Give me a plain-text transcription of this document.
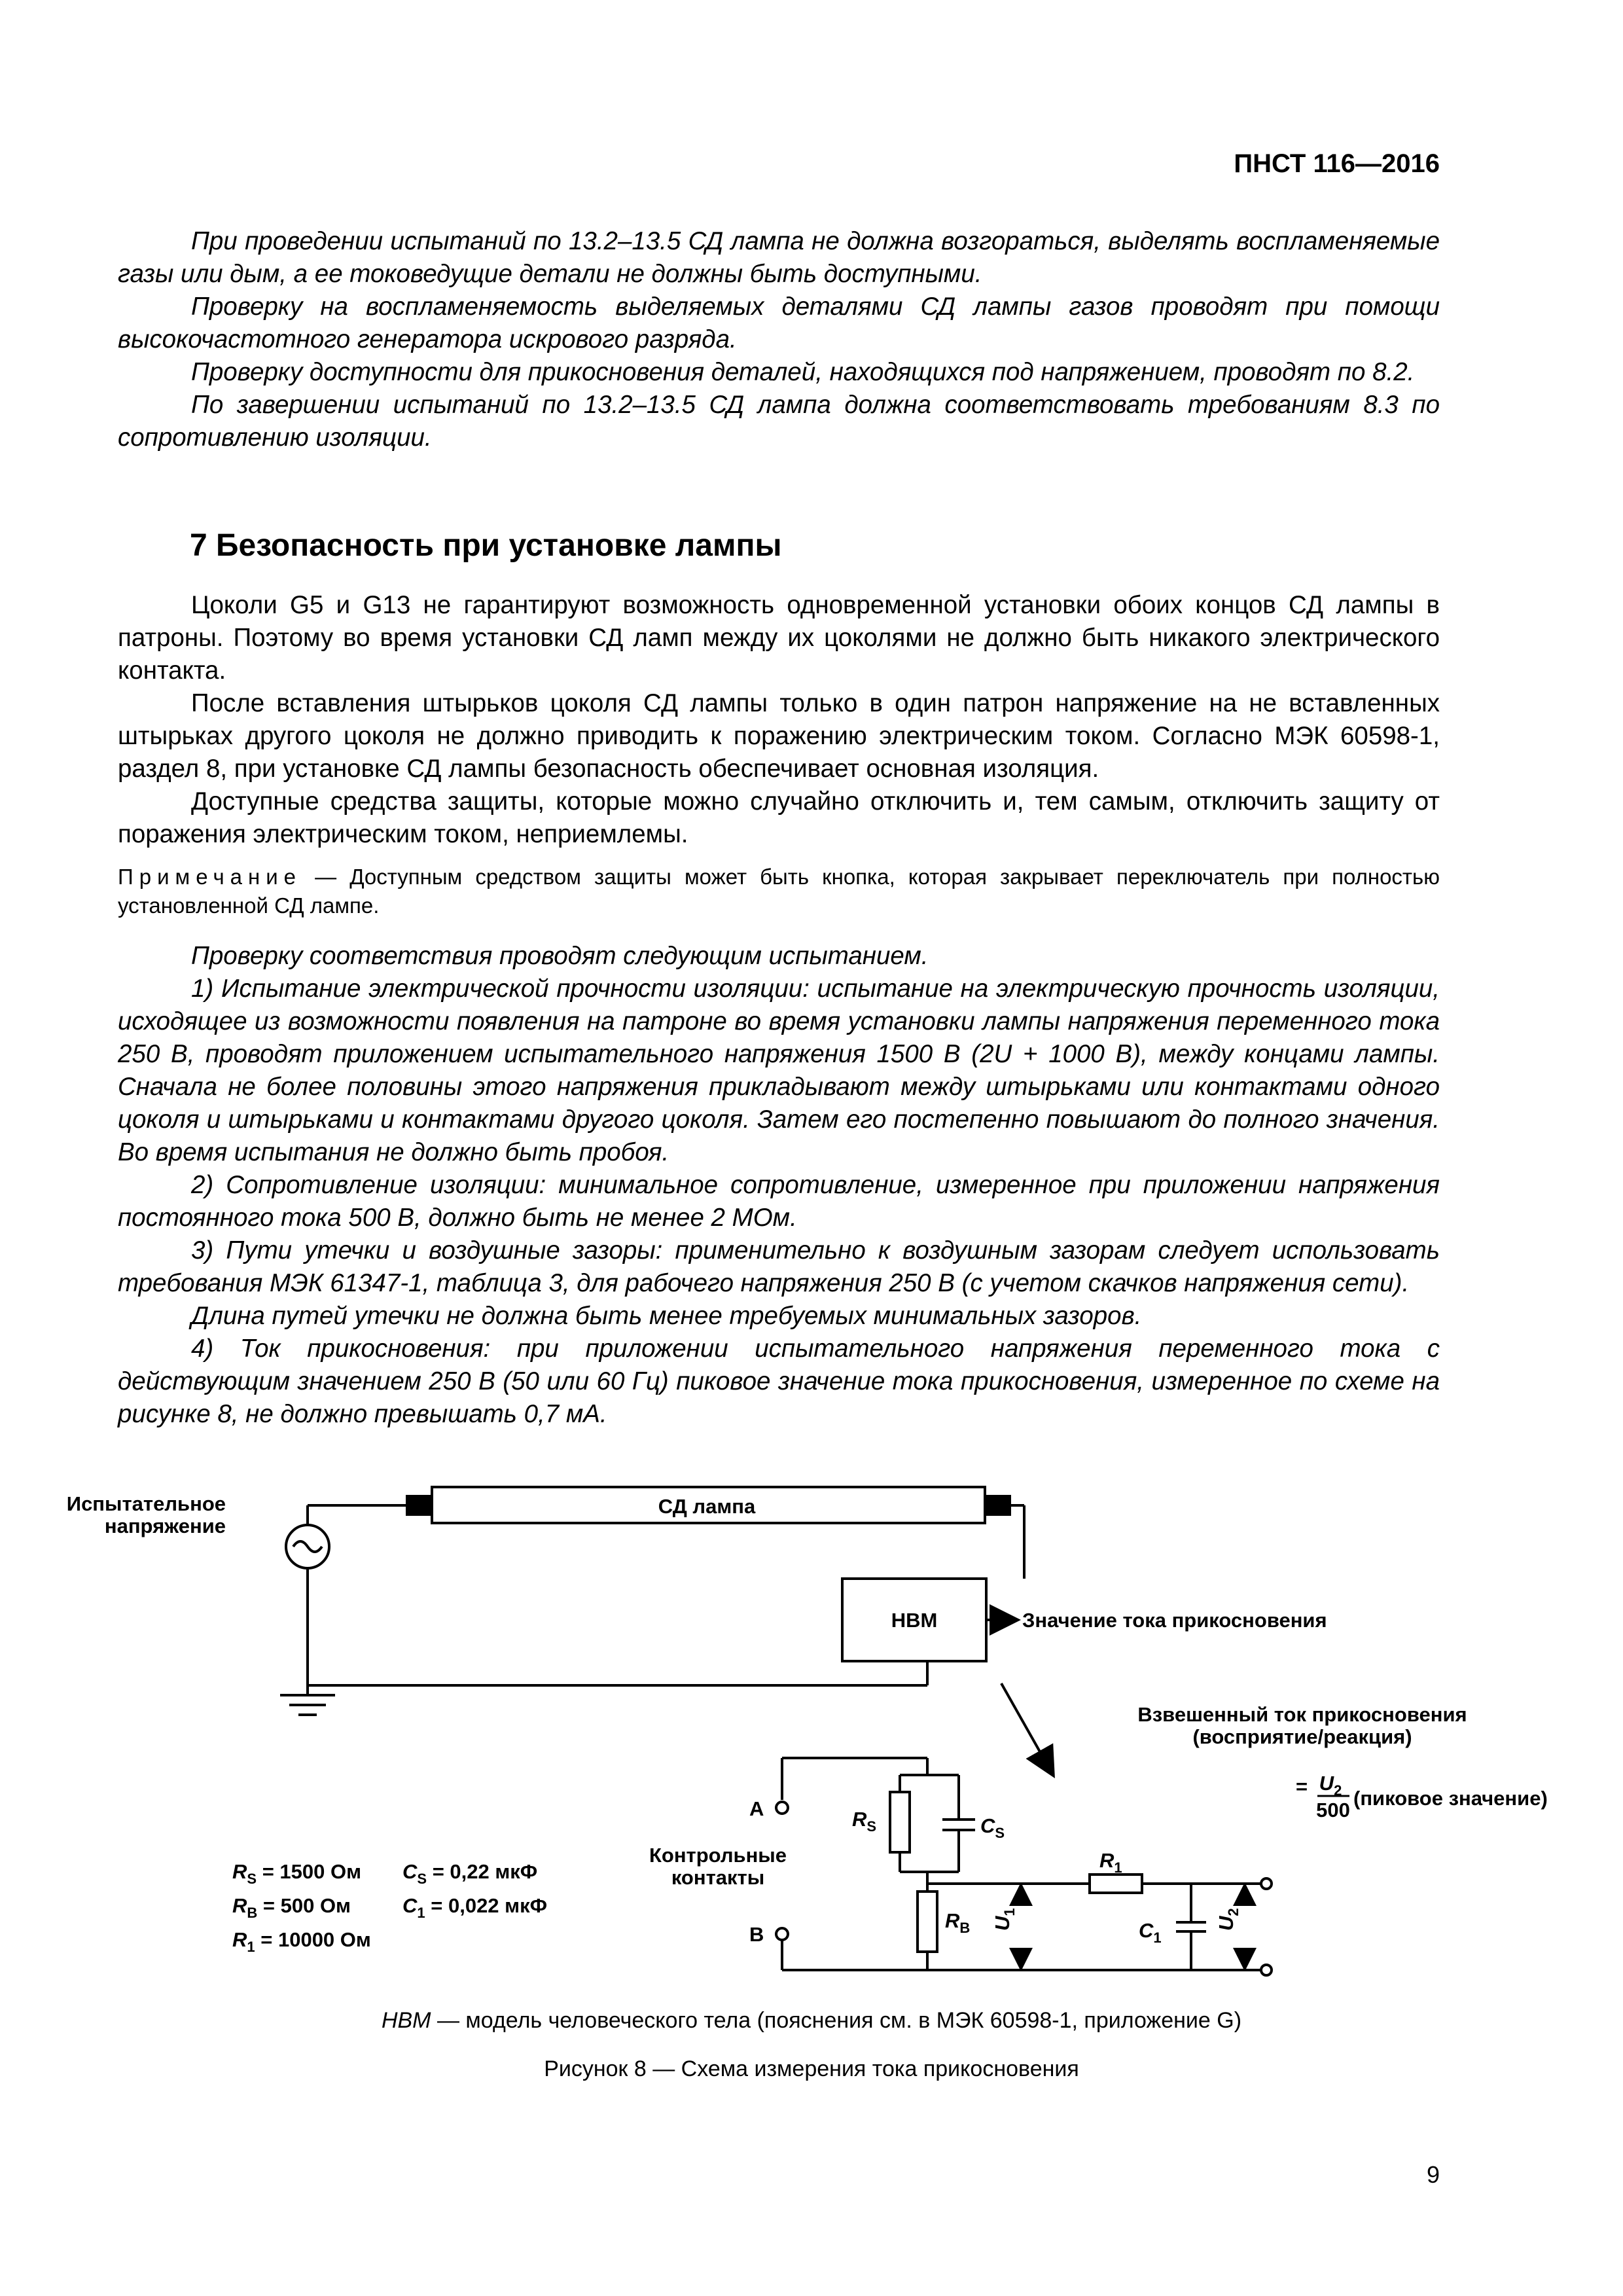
ПНСТ 116—2016

При проведении испытаний по 13.2–13.5 СД лампа не должна возгораться, выделять воспламеняемые газы или дым, а ее токоведущие детали не должны быть доступными.

Проверку на воспламеняемость выделяемых деталями СД лампы газов проводят при помощи высокочастотного генератора искрового разряда.

Проверку доступности для прикосновения деталей, находящихся под напряжением, проводят по 8.2.

По завершении испытаний по 13.2–13.5 СД лампа должна соответствовать требованиям 8.3 по сопротивлению изоляции.

7 Безопасность при установке лампы

Цоколи G5 и G13 не гарантируют возможность одновременной установки обоих концов СД лампы в патроны. Поэтому во время установки СД ламп между их цоколями не должно быть никакого электрического контакта.

После вставления штырьков цоколя СД лампы только в один патрон напряжение на не вставленных штырьках другого цоколя не должно приводить к поражению электрическим током. Согласно МЭК 60598-1, раздел 8, при установке СД лампы безопасность обеспечивает основная изоляция.

Доступные средства защиты, которые можно случайно отключить и, тем самым, отключить защиту от поражения электрическим током, неприемлемы.

Примечание — Доступным средством защиты может быть кнопка, которая закрывает переключатель при полностью установленной СД лампе.

Проверку соответствия проводят следующим испытанием.

1) Испытание электрической прочности изоляции: испытание на электрическую прочность изоляции, исходящее из возможности появления на патроне во время установки лампы напряжения переменного тока 250 В, проводят приложением испытательного напряжения 1500 В (2U + 1000 В), между концами лампы. Сначала не более половины этого напряжения прикладывают между штырьками или контактами одного цоколя и штырьками и контактами другого цоколя. Затем его постепенно повышают до полного значения. Во время испытания не должно быть пробоя.

2) Сопротивление изоляции: минимальное сопротивление, измеренное при приложении напряжения постоянного тока 500 В, должно быть не менее 2 МОм.

3) Пути утечки и воздушные зазоры: применительно к воздушным зазорам следует использовать требования МЭК 61347-1, таблица 3, для рабочего напряжения 250 В (с учетом скачков напряжения сети).

Длина путей утечки не должна быть менее требуемых минимальных зазоров.

4) Ток прикосновения: при приложении испытательного напряжения переменного тока с действующим значением 250 В (50 или 60 Гц) пиковое значение тока прикосновения, измеренное по схеме на рисунке 8, не должно превышать 0,7 мА.

Испытательное
напряжение
СД лампа
НВМ	Значение тока прикосновения
Взвешенный ток прикосновения
(восприятие/реакция)
= $U_2$
500
(пиковое значение)
A
B
Контрольные
контакты
$R_S$	$C_S$
$R_B$
$R_1$
$C_1$
$U_1$
$U_2$
$R_S = 1500$ Ом $C_S = 0,22$ мкФ
$R_B = 500$ Ом	$C_1 = 0,022$ мкФ
$R_1 = 10000$ Ом
НВМ — модель человеческого тела (пояснения см. в МЭК 60598-1, приложение G)
Рисунок 8 — Схема измерения тока прикосновения
9
